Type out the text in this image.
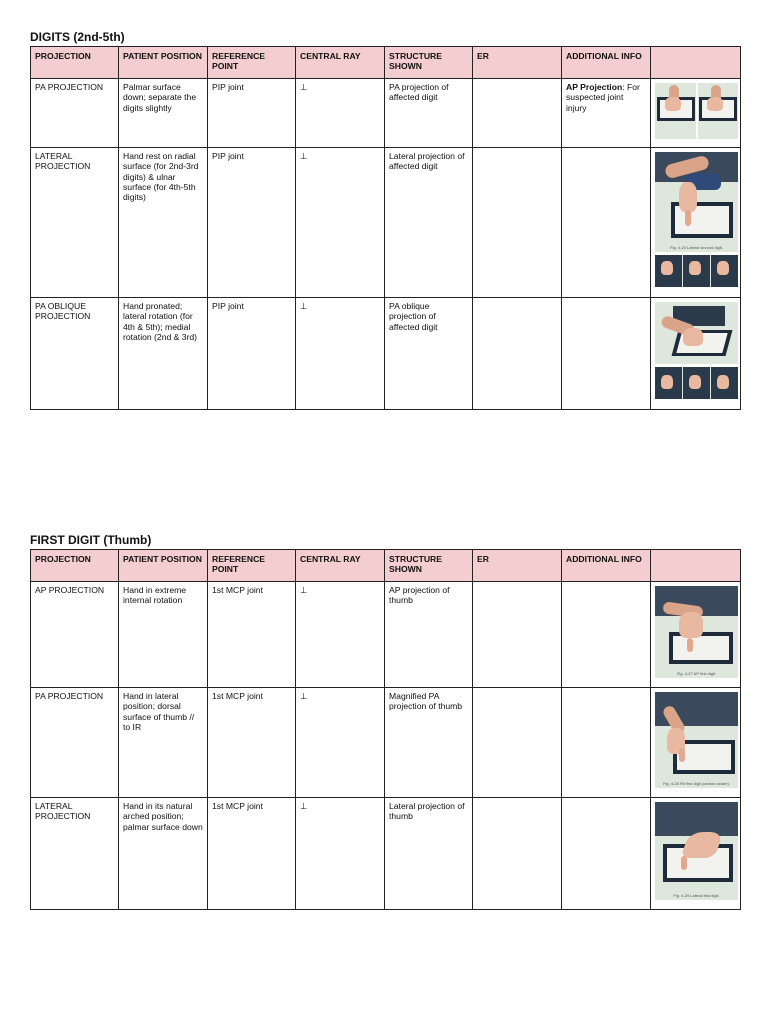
DIGITS (2nd-5th)
PROJECTION	PATIENT POSITION	REFERENCE POINT	CENTRAL RAY	STRUCTURE SHOWN	ER	ADDITIONAL INFO	
PA PROJECTION	Palmar surface down; separate the digits slightly	PIP joint	⊥	PA projection of affected digit		AP Projection: For suspected joint injury	

LATERAL PROJECTION	Hand rest on radial surface (for 2nd-3rd digits) & ulnar surface (for 4th-5th digits)	PIP joint	⊥	Lateral projection of affected digit			Fig. 4-20 Lateral second digit.

PA OBLIQUE PROJECTION	Hand pronated; lateral rotation (for 4th & 5th); medial rotation (2nd & 3rd)	PIP joint	⊥	PA oblique projection of affected digit			
FIRST DIGIT (Thumb)
PROJECTION	PATIENT POSITION	REFERENCE POINT	CENTRAL RAY	STRUCTURE SHOWN	ER	ADDITIONAL INFO	
AP PROJECTION	Hand in extreme internal rotation	1st MCP joint	⊥	AP projection of thumb			Fig. 4-27 AP first digit.

PA PROJECTION	Hand in lateral position; dorsal surface of thumb // to IR	1st MCP joint	⊥	Magnified PA projection of thumb			Fig. 4-28 PA first digit (carbon sealer).

LATERAL PROJECTION	Hand in its natural arched position; palmar surface down	1st MCP joint	⊥	Lateral projection of thumb			Fig. 4-29 Lateral first digit.
